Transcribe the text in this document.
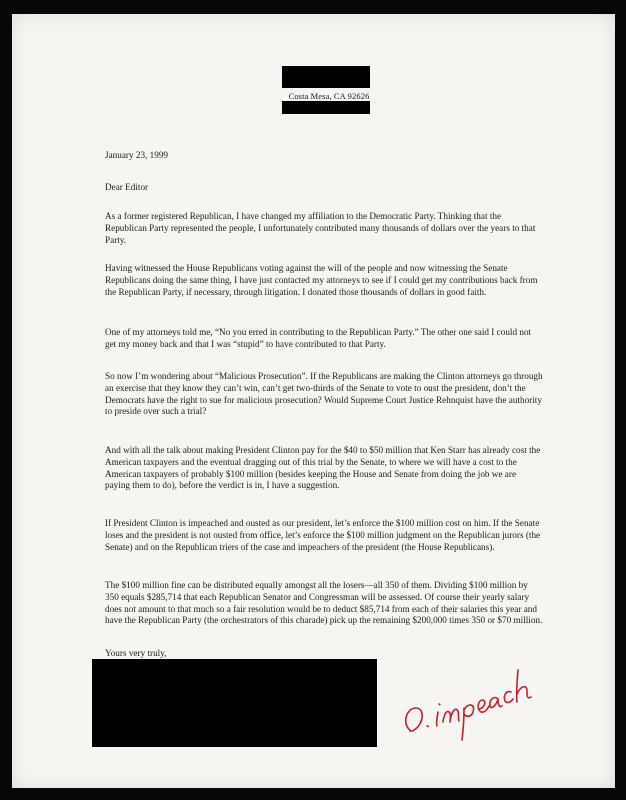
Costa Mesa, CA 92626

January 23, 1999

Dear Editor

As a former registered Republican, I have changed my affiliation to the Democratic Party. Thinking that the Republican Party represented the people, I unfortunately contributed many thousands of dollars over the years to that Party.

Having witnessed the House Republicans voting against the will of the people and now witnessing the Senate Republicans doing the same thing, I have just contacted my attorneys to see if I could get my contributions back from the Republican Party, if necessary, through litigation. I donated those thousands of dollars in good faith.

One of my attorneys told me, “No you erred in contributing to the Republican Party.” The other one said I could not get my money back and that I was “stupid” to have contributed to that Party.

So now I’m wondering about “Malicious Prosecution”. If the Republicans are making the Clinton attorneys go through an exercise that they know they can’t win, can’t get two-thirds of the Senate to vote to oust the president, don’t the Democrats have the right to sue for malicious prosecution? Would Supreme Court Justice Rehnquist have the authority to preside over such a trial?

And with all the talk about making President Clinton pay for the $40 to $50 million that Ken Starr has already cost the American taxpayers and the eventual dragging out of this trial by the Senate, to where we will have a cost to the American taxpayers of probably $100 million (besides keeping the House and Senate from doing the job we are paying them to do), before the verdict is in, I have a suggestion.

If President Clinton is impeached and ousted as our president, let’s enforce the $100 million cost on him. If the Senate loses and the president is not ousted from office, let’s enforce the $100 million judgment on the Republican jurors (the Senate) and on the Republican triers of the case and impeachers of the president (the House Republicans).

The $100 million fine can be distributed equally amongst all the losers—all 350 of them. Dividing $100 million by 350 equals $285,714 that each Republican Senator and Congressman will be assessed. Of course their yearly salary does not amount to that much so a fair resolution would be to deduct $85,714 from each of their salaries this year and have the Republican Party (the orchestrators of this charade) pick up the remaining $200,000 times 350 or $70 million.

Yours very truly,
